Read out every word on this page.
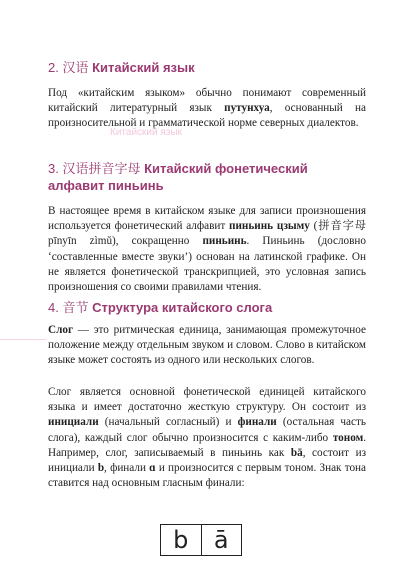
2. 汉语 Китайский язык

Под «китайским языком» обычно понимают современный китайский литературный язык путунхуа, основанный на произносительной и грамматической норме северных диалектов.

Китайский язык
3. 汉语拼音字母 Китайский фонетический алфавит пиньинь

В настоящее время в китайском языке для записи произношения используется фонетический алфавит пиньинь цзыму (拼音字母 pīnyīn zìmǔ), сокращенно пиньинь. Пиньинь (дословно ‘составленные вместе звуки’) основан на латинской графике. Он не является фонетической транскрипцией, это условная запись произношения со своими правилами чтения.

4. 音节 Структура китайского слога

Слог — это ритмическая единица, занимающая промежуточное положение между отдельным звуком и словом. Слово в китайском языке может состоять из одного или нескольких слогов.

Слог является основной фонетической единицей китайского языка и имеет достаточно жесткую структуру. Он состоит из инициали (начальный согласный) и финали (остальная часть слога), каждый слог обычно произносится с каким-либо тоном. Например, слог, записываемый в пиньинь как bā, состоит из инициали b, финали ɑ и произносится с первым тоном. Знак тона ставится над основным гласным финали:

b	ā
